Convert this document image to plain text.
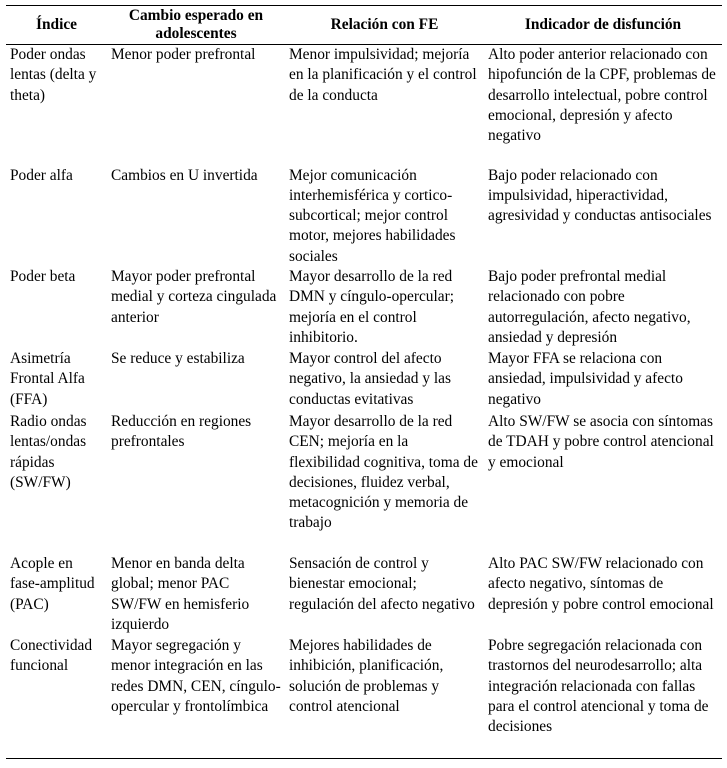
Índice	Cambio esperado en adolescentes	Relación con FE	Indicador de disfunción
Poder ondas lentas (delta y theta)	Menor poder prefrontal	Menor impulsividad; mejoría en la planificación y el control de la conducta	Alto poder anterior relacionado con hipofunción de la CPF, problemas de desarrollo intelectual, pobre control emocional, depresión y afecto negativo
Poder alfa	Cambios en U invertida	Mejor comunicación interhemisférica y cortico-subcortical; mejor control motor, mejores habilidades sociales	Bajo poder relacionado con impulsividad, hiperactividad, agresividad y conductas antisociales
Poder beta	Mayor poder prefrontal medial y corteza cingulada anterior	Mayor desarrollo de la red DMN y cíngulo-opercular; mejoría en el control inhibitorio.	Bajo poder prefrontal medial relacionado con pobre autorregulación, afecto negativo, ansiedad y depresión
Asimetría Frontal Alfa (FFA)	Se reduce y estabiliza	Mayor control del afecto negativo, la ansiedad y las conductas evitativas	Mayor FFA se relaciona con ansiedad, impulsividad y afecto negativo
Radio ondas lentas/ondas rápidas (SW/FW)	Reducción en regiones prefrontales	Mayor desarrollo de la red CEN; mejoría en la flexibilidad cognitiva, toma de decisiones, fluidez verbal, metacognición y memoria de trabajo	Alto SW/FW se asocia con síntomas de TDAH y pobre control atencional y emocional
Acople en fase-amplitud (PAC)	Menor en banda delta global; menor PAC SW/FW en hemisferio izquierdo	Sensación de control y bienestar emocional; regulación del afecto negativo	Alto PAC SW/FW relacionado con afecto negativo, síntomas de depresión y pobre control emocional
Conectividad funcional	Mayor segregación y menor integración en las redes DMN, CEN, cíngulo-opercular y frontolímbica	Mejores habilidades de inhibición, planificación, solución de problemas y control atencional	Pobre segregación relacionada con trastornos del neurodesarrollo; alta integración relacionada con fallas para el control atencional y toma de decisiones
